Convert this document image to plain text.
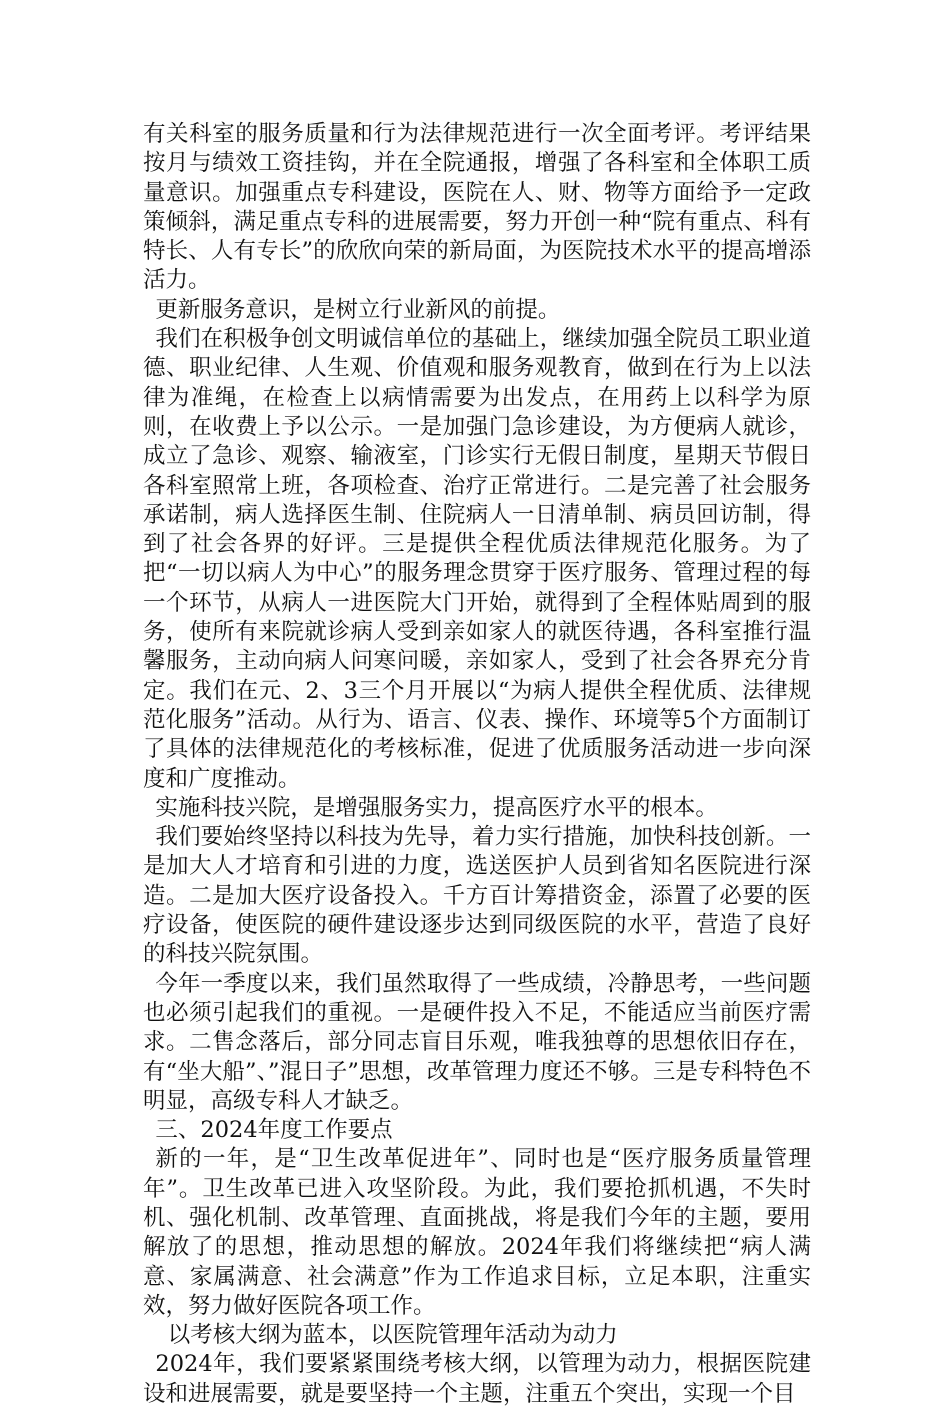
有关科室的服务质量和行为法律规范进行一次全面考评。考评结果按月与绩效工资挂钩，并在全院通报，增强了各科室和全体职工质量意识。加强重点专科建设，医院在人、财、物等方面给予一定政策倾斜，满足重点专科的进展需要，努力开创一种“院有重点、科有特长、人有专长”的欣欣向荣的新局面，为医院技术水平的提高增添活力。

更新服务意识，是树立行业新风的前提。

我们在积极争创文明诚信单位的基础上，继续加强全院员工职业道德、职业纪律、人生观、价值观和服务观教育，做到在行为上以法律为准绳，在检查上以病情需要为出发点，在用药上以科学为原则，在收费上予以公示。一是加强门急诊建设，为方便病人就诊，成立了急诊、观察、输液室，门诊实行无假日制度，星期天节假日各科室照常上班，各项检查、治疗正常进行。二是完善了社会服务承诺制，病人选择医生制、住院病人一日清单制、病员回访制，得到了社会各界的好评。三是提供全程优质法律规范化服务。为了把“一切以病人为中心”的服务理念贯穿于医疗服务、管理过程的每一个环节，从病人一进医院大门开始，就得到了全程体贴周到的服务，使所有来院就诊病人受到亲如家人的就医待遇，各科室推行温馨服务，主动向病人问寒问暖，亲如家人，受到了社会各界充分肯定。我们在元、2、3三个月开展以“为病人提供全程优质、法律规范化服务”活动。从行为、语言、仪表、操作、环境等5个方面制订了具体的法律规范化的考核标准，促进了优质服务活动进一步向深度和广度推动。

实施科技兴院，是增强服务实力，提高医疗水平的根本。

我们要始终坚持以科技为先导，着力实行措施，加快科技创新。一是加大人才培育和引进的力度，选送医护人员到省知名医院进行深造。二是加大医疗设备投入。千方百计筹措资金，添置了必要的医疗设备，使医院的硬件建设逐步达到同级医院的水平，营造了良好的科技兴院氛围。

今年一季度以来，我们虽然取得了一些成绩，冷静思考，一些问题也必须引起我们的重视。一是硬件投入不足，不能适应当前医疗需求。二售念落后，部分同志盲目乐观，唯我独尊的思想依旧存在，有“坐大船”、”混日子”思想，改革管理力度还不够。三是专科特色不明显，高级专科人才缺乏。

三、2024年度工作要点

新的一年，是“卫生改革促进年”、同时也是“医疗服务质量管理年”。卫生改革已进入攻坚阶段。为此，我们要抢抓机遇，不失时机、强化机制、改革管理、直面挑战，将是我们今年的主题，要用解放了的思想，推动思想的解放。2024年我们将继续把“病人满意、家属满意、社会满意”作为工作追求目标，立足本职，注重实效，努力做好医院各项工作。

以考核大纲为蓝本，以医院管理年活动为动力

2024年，我们要紧紧围绕考核大纲，以管理为动力，根据医院建设和进展需要，就是要坚持一个主题，注重五个突出，实现一个目
